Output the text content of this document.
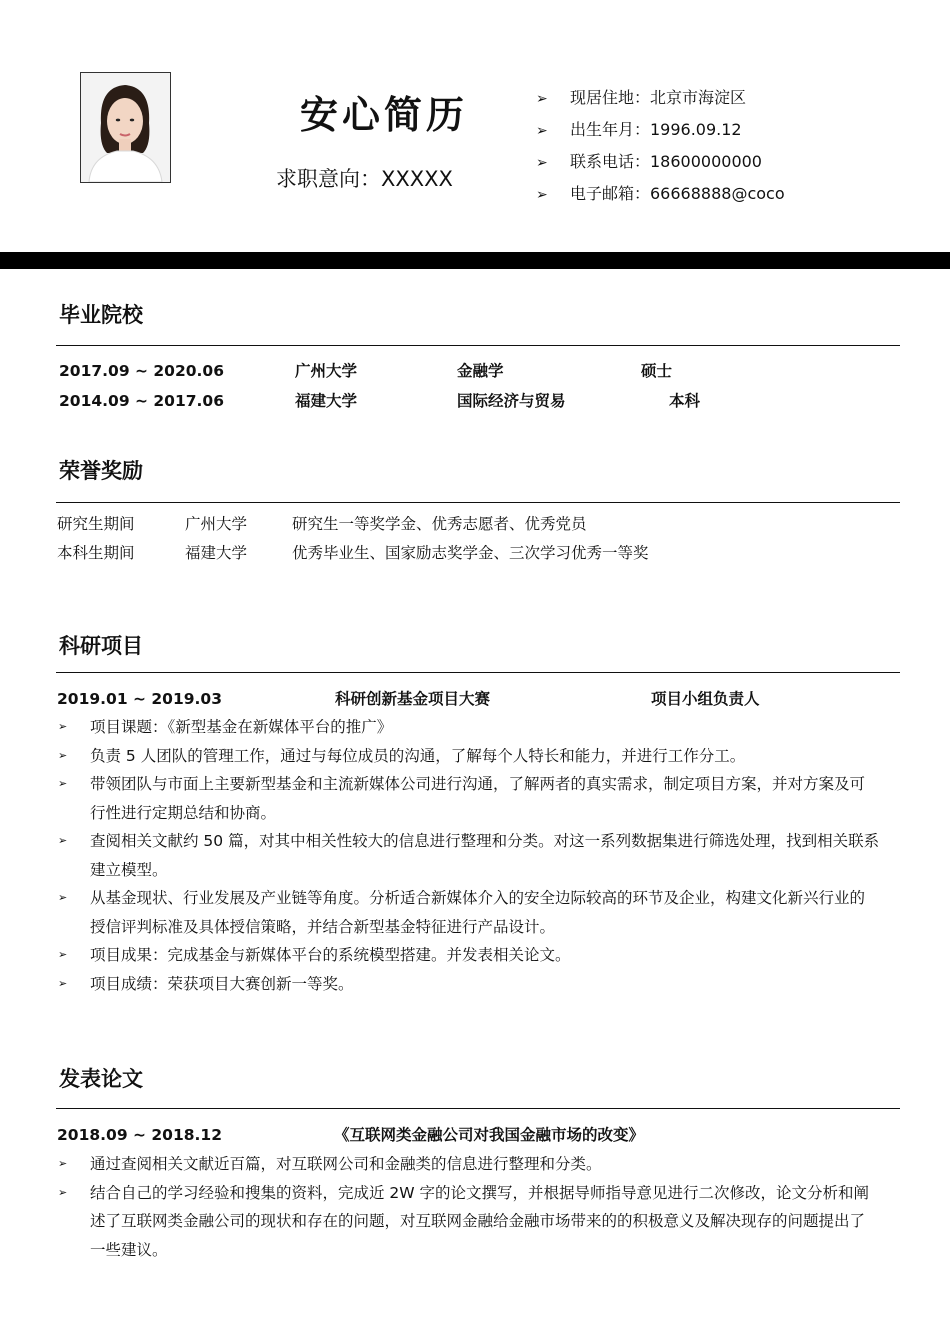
安心简历
求职意向：XXXXX
➢ 现居住地：北京市海淀区
➢ 出生年月：1996.09.12
➢ 联系电话：18600000000
➢ 电子邮箱：66668888@coco
毕业院校
2017.09 ~ 2020.06	广州大学	金融学	硕士
2014.09 ~ 2017.06	福建大学	国际经济与贸易	本科
荣誉奖励
研究生期间	广州大学	研究生一等奖学金、优秀志愿者、优秀党员
本科生期间	福建大学	优秀毕业生、国家励志奖学金、三次学习优秀一等奖
科研项目
2019.01 ~ 2019.03	科研创新基金项目大赛	项目小组负责人
➢ 项目课题：《新型基金在新媒体平台的推广》
➢ 负责 5 人团队的管理工作，通过与每位成员的沟通，了解每个人特长和能力，并进行工作分工。
➢ 带领团队与市面上主要新型基金和主流新媒体公司进行沟通，了解两者的真实需求，制定项目方案，并对方案及可行性进行定期总结和协商。
➢ 查阅相关文献约 50 篇，对其中相关性较大的信息进行整理和分类。对这一系列数据集进行筛选处理，找到相关联系建立模型。
➢ 从基金现状、行业发展及产业链等角度。分析适合新媒体介入的安全边际较高的环节及企业，构建文化新兴行业的授信评判标准及具体授信策略，并结合新型基金特征进行产品设计。
➢ 项目成果：完成基金与新媒体平台的系统模型搭建。并发表相关论文。
➢ 项目成绩：荣获项目大赛创新一等奖。
发表论文
2018.09 ~ 2018.12	《互联网类金融公司对我国金融市场的改变》
➢ 通过查阅相关文献近百篇，对互联网公司和金融类的信息进行整理和分类。
➢ 结合自己的学习经验和搜集的资料，完成近 2W 字的论文撰写，并根据导师指导意见进行二次修改，论文分析和阐述了互联网类金融公司的现状和存在的问题，对互联网金融给金融市场带来的的积极意义及解决现存的问题提出了一些建议。
